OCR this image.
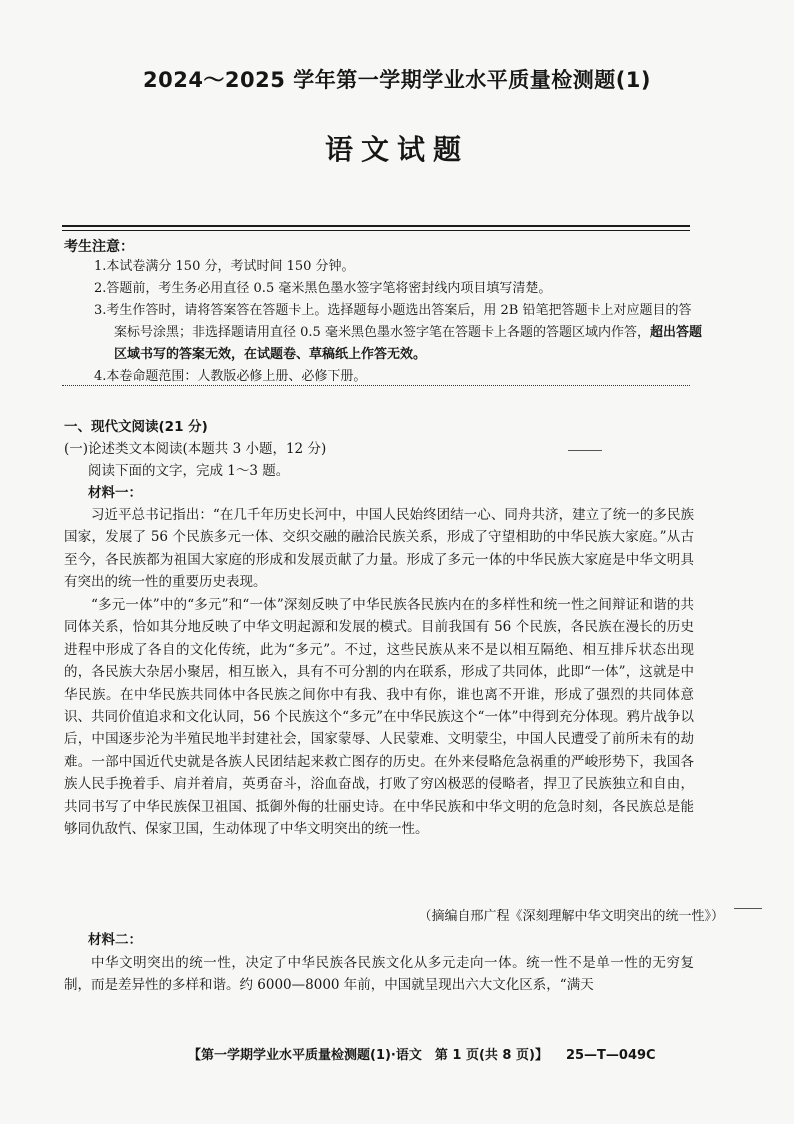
2024～2025 学年第一学期学业水平质量检测题(1)
语文试题
考生注意：

1.本试卷满分 150 分，考试时间 150 分钟。

2.答题前，考生务必用直径 0.5 毫米黑色墨水签字笔将密封线内项目填写清楚。

3.考生作答时，请将答案答在答题卡上。选择题每小题选出答案后，用 2B 铅笔把答题卡上对应题目的答案标号涂黑；非选择题请用直径 0.5 毫米黑色墨水签字笔在答题卡上各题的答题区域内作答，超出答题区域书写的答案无效，在试题卷、草稿纸上作答无效。

4.本卷命题范围：人教版必修上册、必修下册。

一、现代文阅读(21 分)
(一)论述类文本阅读(本题共 3 小题，12 分)
阅读下面的文字，完成 1～3 题。
材料一：

习近平总书记指出：“在几千年历史长河中，中国人民始终团结一心、同舟共济，建立了统一的多民族国家，发展了 56 个民族多元一体、交织交融的融洽民族关系，形成了守望相助的中华民族大家庭。”从古至今，各民族都为祖国大家庭的形成和发展贡献了力量。形成了多元一体的中华民族大家庭是中华文明具有突出的统一性的重要历史表现。

“多元一体”中的“多元”和“一体”深刻反映了中华民族各民族内在的多样性和统一性之间辩证和谐的共同体关系，恰如其分地反映了中华文明起源和发展的模式。目前我国有 56 个民族，各民族在漫长的历史进程中形成了各自的文化传统，此为“多元”。不过，这些民族从来不是以相互隔绝、相互排斥状态出现的，各民族大杂居小聚居，相互嵌入，具有不可分割的内在联系，形成了共同体，此即“一体”，这就是中华民族。在中华民族共同体中各民族之间你中有我、我中有你，谁也离不开谁，形成了强烈的共同体意识、共同价值追求和文化认同，56 个民族这个“多元”在中华民族这个“一体”中得到充分体现。鸦片战争以后，中国逐步沦为半殖民地半封建社会，国家蒙辱、人民蒙难、文明蒙尘，中国人民遭受了前所未有的劫难。一部中国近代史就是各族人民团结起来救亡图存的历史。在外来侵略危急祸重的严峻形势下，我国各族人民手挽着手、肩并着肩，英勇奋斗，浴血奋战，打败了穷凶极恶的侵略者，捍卫了民族独立和自由，共同书写了中华民族保卫祖国、抵御外侮的壮丽史诗。在中华民族和中华文明的危急时刻，各民族总是能够同仇敌忾、保家卫国，生动体现了中华文明突出的统一性。

（摘编自邢广程《深刻理解中华文明突出的统一性》）
材料二：

中华文明突出的统一性，决定了中华民族各民族文化从多元走向一体。统一性不是单一性的无穷复制，而是差异性的多样和谐。约 6000—8000 年前，中国就呈现出六大文化区系，“满天

【第一学期学业水平质量检测题(1)·语文　第 1 页(共 8 页)】 25—T—049C
